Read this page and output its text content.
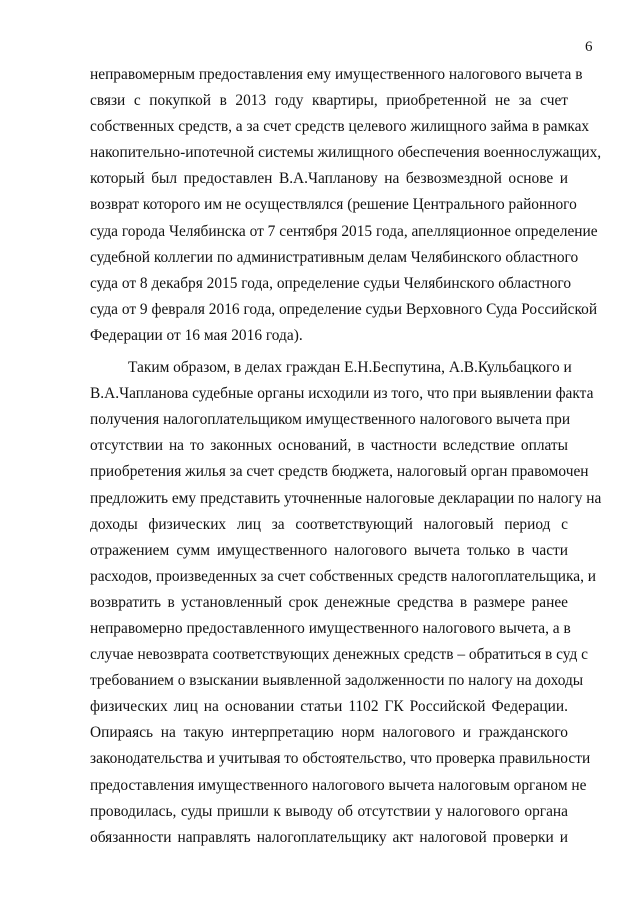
6
неправомерным предоставления ему имущественного налогового вычета в
связи с покупкой в 2013 году квартиры, приобретенной не за счет
собственных средств, а за счет средств целевого жилищного займа в рамках
накопительно-ипотечной системы жилищного обеспечения военнослужащих,
который был предоставлен В.А.Чапланову на безвозмездной основе и
возврат которого им не осуществлялся (решение Центрального районного
суда города Челябинска от 7 сентября 2015 года, апелляционное определение
судебной коллегии по административным делам Челябинского областного
суда от 8 декабря 2015 года, определение судьи Челябинского областного
суда от 9 февраля 2016 года, определение судьи Верховного Суда Российской
Федерации от 16 мая 2016 года).
Таким образом, в делах граждан Е.Н.Беспутина, А.В.Кульбацкого и
В.А.Чапланова судебные органы исходили из того, что при выявлении факта
получения налогоплательщиком имущественного налогового вычета при
отсутствии на то законных оснований, в частности вследствие оплаты
приобретения жилья за счет средств бюджета, налоговый орган правомочен
предложить ему представить уточненные налоговые декларации по налогу на
доходы физических лиц за соответствующий налоговый период с
отражением сумм имущественного налогового вычета только в части
расходов, произведенных за счет собственных средств налогоплательщика, и
возвратить в установленный срок денежные средства в размере ранее
неправомерно предоставленного имущественного налогового вычета, а в
случае невозврата соответствующих денежных средств – обратиться в суд с
требованием о взыскании выявленной задолженности по налогу на доходы
физических лиц на основании статьи 1102 ГК Российской Федерации.
Опираясь на такую интерпретацию норм налогового и гражданского
законодательства и учитывая то обстоятельство, что проверка правильности
предоставления имущественного налогового вычета налоговым органом не
проводилась, суды пришли к выводу об отсутствии у налогового органа
обязанности направлять налогоплательщику акт налоговой проверки и
